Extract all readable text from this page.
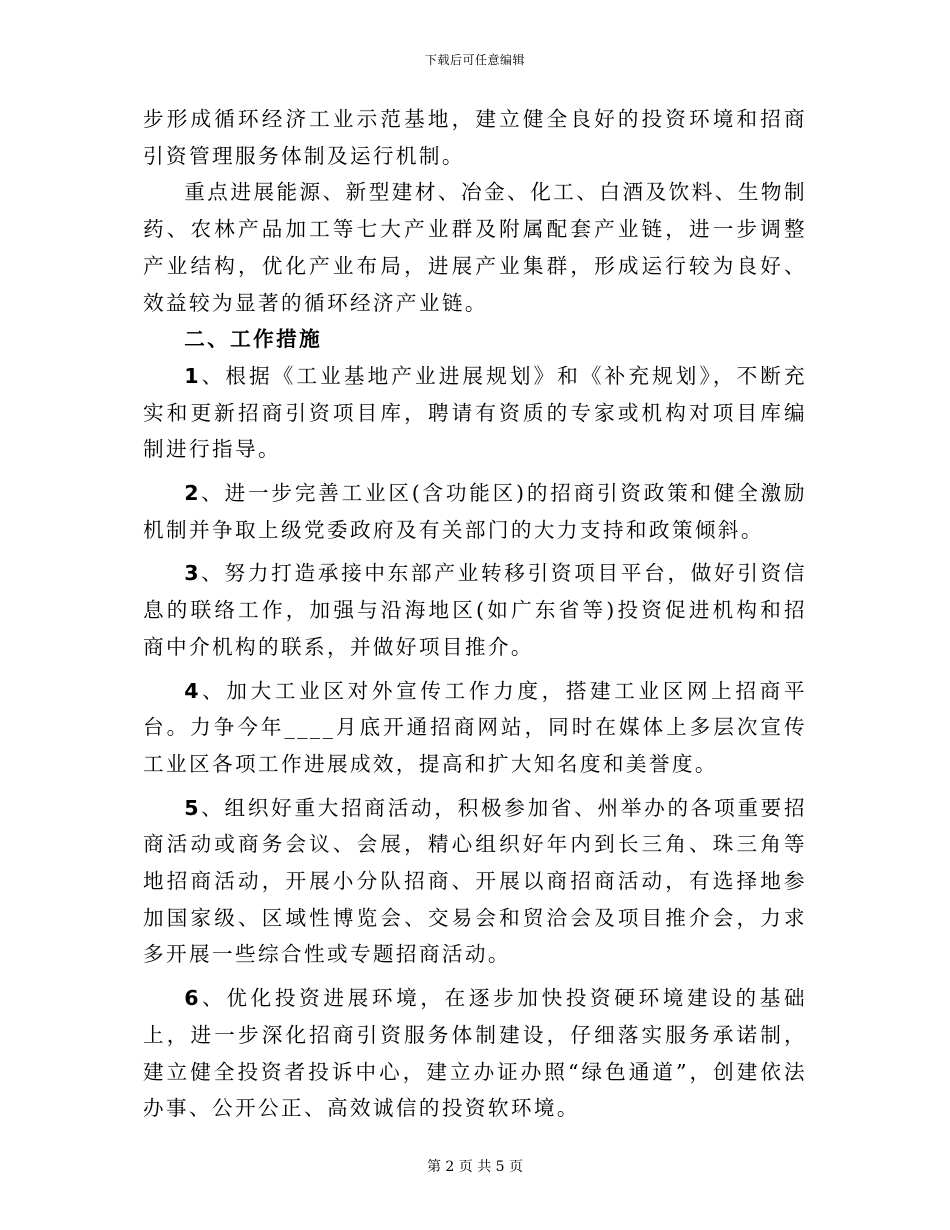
下载后可任意编辑

步形成循环经济工业示范基地，建立健全良好的投资环境和招商引资管理服务体制及运行机制。

重点进展能源、新型建材、冶金、化工、白酒及饮料、生物制药、农林产品加工等七大产业群及附属配套产业链，进一步调整产业结构，优化产业布局，进展产业集群，形成运行较为良好、效益较为显著的循环经济产业链。

二、工作措施

1、根据《工业基地产业进展规划》和《补充规划》，不断充实和更新招商引资项目库，聘请有资质的专家或机构对项目库编制进行指导。

2、进一步完善工业区(含功能区)的招商引资政策和健全激励机制并争取上级党委政府及有关部门的大力支持和政策倾斜。

3、努力打造承接中东部产业转移引资项目平台，做好引资信息的联络工作，加强与沿海地区(如广东省等)投资促进机构和招商中介机构的联系，并做好项目推介。

4、加大工业区对外宣传工作力度，搭建工业区网上招商平台。力争今年____月底开通招商网站，同时在媒体上多层次宣传工业区各项工作进展成效，提高和扩大知名度和美誉度。

5、组织好重大招商活动，积极参加省、州举办的各项重要招商活动或商务会议、会展，精心组织好年内到长三角、珠三角等地招商活动，开展小分队招商、开展以商招商活动，有选择地参加国家级、区域性博览会、交易会和贸洽会及项目推介会，力求多开展一些综合性或专题招商活动。

6、优化投资进展环境，在逐步加快投资硬环境建设的基础上，进一步深化招商引资服务体制建设，仔细落实服务承诺制，建立健全投资者投诉中心，建立办证办照“绿色通道”，创建依法办事、公开公正、高效诚信的投资软环境。

第 2 页 共 5 页
